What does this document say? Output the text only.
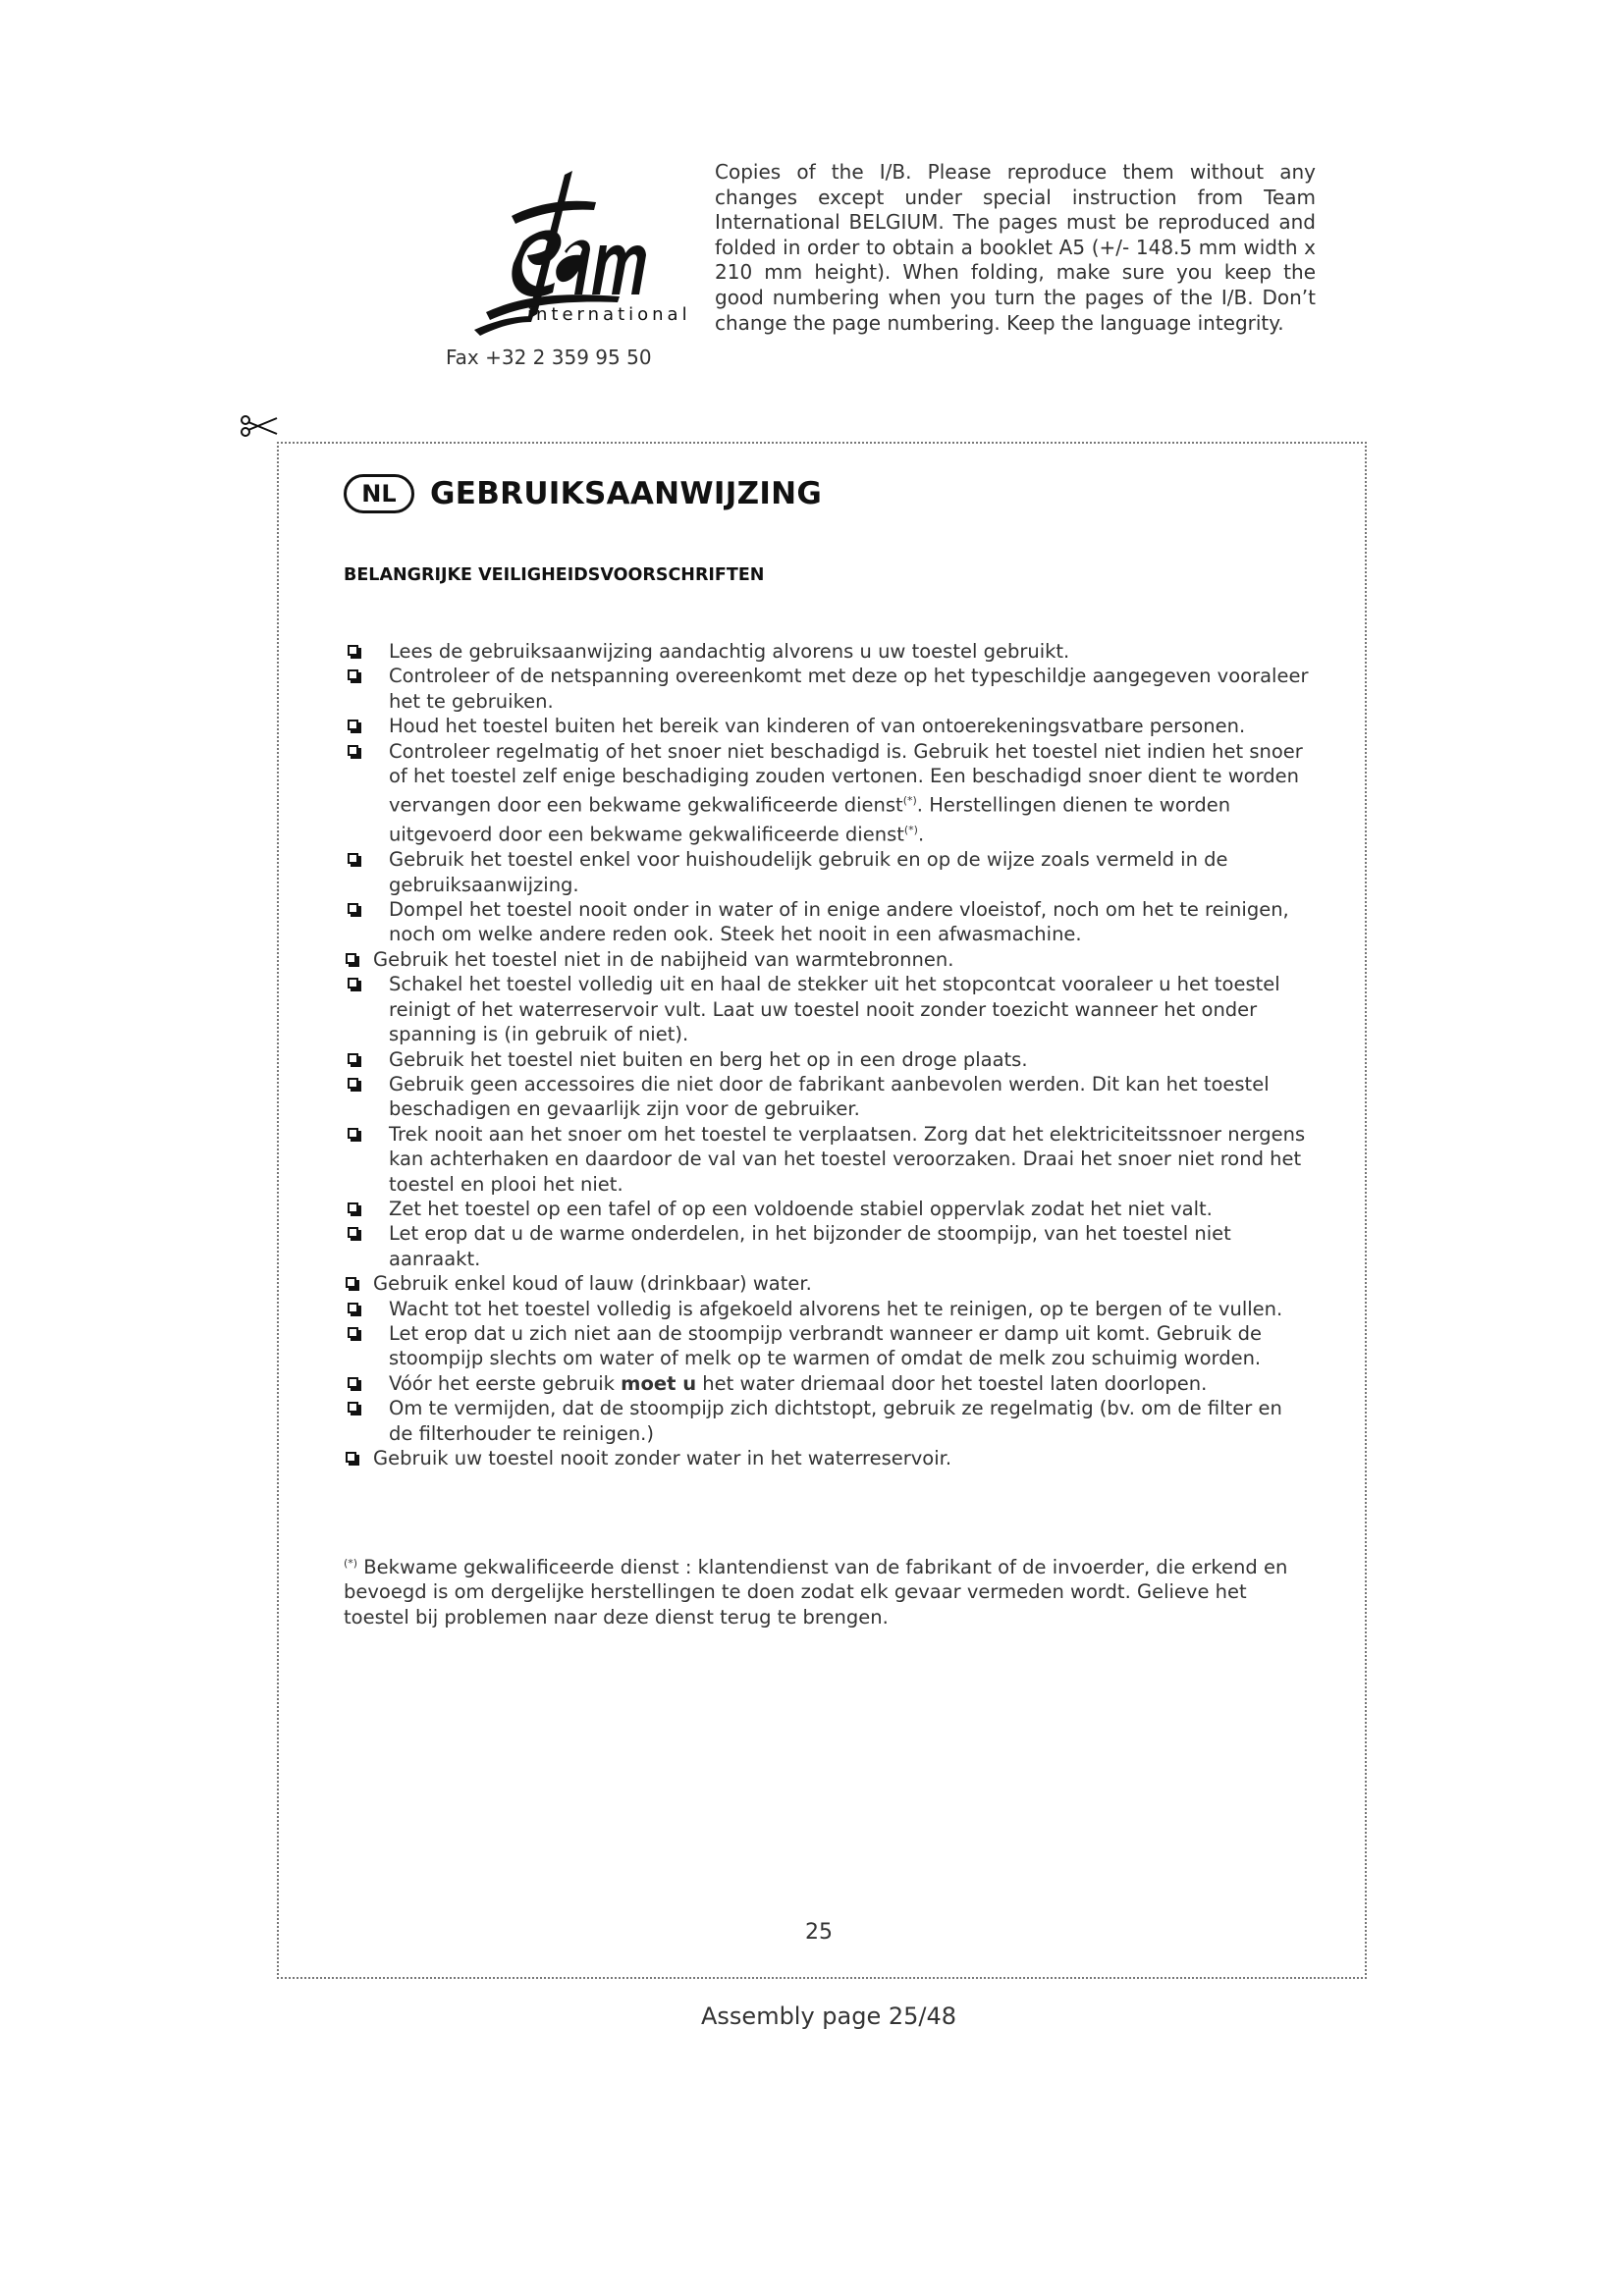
international
Fax +32 2 359 95 50
Copies of the I/B. Please reproduce them without any changes except under special instruction from Team International BELGIUM. The pages must be reproduced and folded in order to obtain a booklet A5 (+/- 148.5 mm width x 210 mm height). When folding, make sure you keep the good numbering when you turn the pages of the I/B. Don’t change the page numbering. Keep the language integrity.
NL	GEBRUIKSAANWIJZING
BELANGRIJKE VEILIGHEIDSVOORSCHRIFTEN
Lees de gebruiksaanwijzing aandachtig alvorens u uw toestel gebruikt.
Controleer of de netspanning overeenkomt met deze op het typeschildje aangegeven vooraleer het te gebruiken.
Houd het toestel buiten het bereik van kinderen of van ontoerekeningsvatbare personen.
Controleer regelmatig of het snoer niet beschadigd is. Gebruik het toestel niet indien het snoer of het toestel zelf enige beschadiging zouden vertonen. Een beschadigd snoer dient te worden vervangen door een bekwame gekwalificeerde dienst(*). Herstellingen dienen te worden uitgevoerd door een bekwame gekwalificeerde dienst(*).
Gebruik het toestel enkel voor huishoudelijk gebruik en op de wijze zoals vermeld in de gebruiksaanwijzing.
Dompel het toestel nooit onder in water of in enige andere vloeistof, noch om het te reinigen, noch om welke andere reden ook. Steek het nooit in een afwasmachine.
Gebruik het toestel niet in de nabijheid van warmtebronnen.
Schakel het toestel volledig uit en haal de stekker uit het stopcontcat vooraleer u het toestel reinigt of het waterreservoir vult. Laat uw toestel nooit zonder toezicht wanneer het onder spanning is (in gebruik of niet).
Gebruik het toestel niet buiten en berg het op in een droge plaats.
Gebruik geen accessoires die niet door de fabrikant aanbevolen werden. Dit kan het toestel beschadigen en gevaarlijk zijn voor de gebruiker.
Trek nooit aan het snoer om het toestel te verplaatsen. Zorg dat het elektriciteitssnoer nergens kan achterhaken en daardoor de val van het toestel veroorzaken. Draai het snoer niet rond het toestel en plooi het niet.
Zet het toestel op een tafel of op een voldoende stabiel oppervlak zodat het niet valt.
Let erop dat u de warme onderdelen, in het bijzonder de stoompijp, van het toestel niet aanraakt.
Gebruik enkel koud of lauw (drinkbaar) water.
Wacht tot het toestel volledig is afgekoeld alvorens het te reinigen, op te bergen of te vullen.
Let erop dat u zich niet aan de stoompijp verbrandt wanneer er damp uit komt. Gebruik de stoompijp slechts om water of melk op te warmen of omdat de melk zou schuimig worden.
Vóór het eerste gebruik moet u het water driemaal door het toestel laten doorlopen.
Om te vermijden, dat de stoompijp zich dichtstopt, gebruik ze regelmatig (bv. om de filter en de filterhouder te reinigen.)
Gebruik uw toestel nooit zonder water in het waterreservoir.
(*) Bekwame gekwalificeerde dienst : klantendienst van de fabrikant of de invoerder, die erkend en bevoegd is om dergelijke herstellingen te doen zodat elk gevaar vermeden wordt. Gelieve het toestel bij problemen naar deze dienst terug te brengen.
25
Assembly page 25/48
